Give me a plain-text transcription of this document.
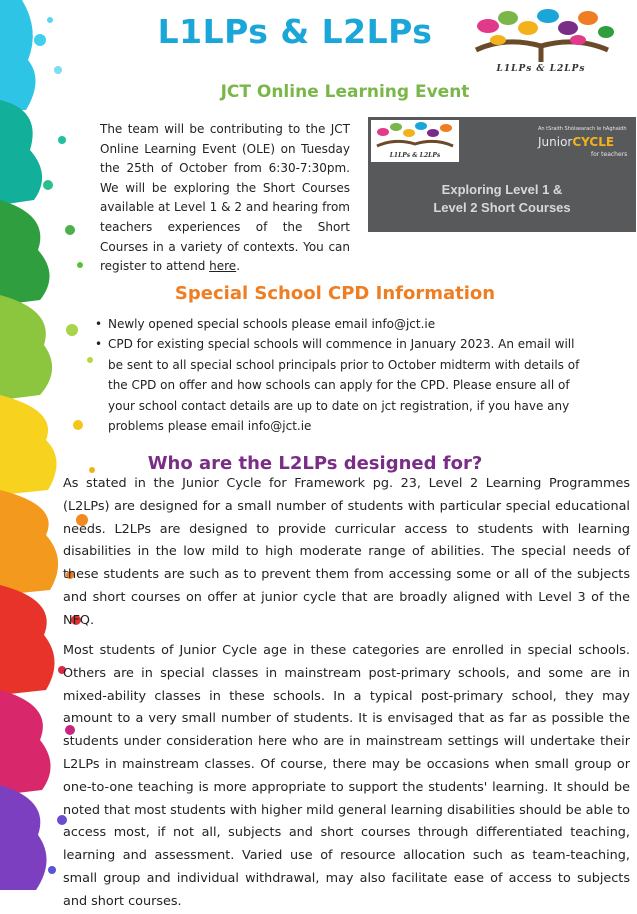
L1LPs & L2LPs
L1LPs & L2LPs
JCT Online Learning Event

The team will be contributing to the JCT Online Learning Event (OLE) on Tuesday the 25th of October from 6:30-7:30pm. We will be exploring the Short Courses available at Level 1 & 2 and hearing from teachers experiences of the Short Courses in a variety of contexts. You can register to attend here.

L1LPs & L2LPs
An tSraith Shóisearach le hAghaidh
JuniorCYCLE
for teachers
Exploring Level 1 &
Level 2 Short Courses
Special School CPD Information
• Newly opened special schools please email info@jct.ie
• CPD for existing special schools will commence in January 2023. An email will be sent to all special school principals prior to October midterm with details of the CPD on offer and how schools can apply for the CPD. Please ensure all of your school contact details are up to date on jct registration, if you have any problems please email info@jct.ie
Who are the L2LPs designed for?

As stated in the Junior Cycle for Framework pg. 23, Level 2 Learning Programmes (L2LPs) are designed for a small number of students with particular special educational needs. L2LPs are designed to provide curricular access to students with learning disabilities in the low mild to high moderate range of abilities. The special needs of these students are such as to prevent them from accessing some or all of the subjects and short courses on offer at junior cycle that are broadly aligned with Level 3 of the NFQ.

Most students of Junior Cycle age in these categories are enrolled in special schools. Others are in special classes in mainstream post-primary schools, and some are in mixed-ability classes in these schools. In a typical post-primary school, they may amount to a very small number of students. It is envisaged that as far as possible the students under consideration here who are in mainstream settings will undertake their L2LPs in mainstream classes. Of course, there may be occasions when small group or one-to-one teaching is more appropriate to support the students' learning. It should be noted that most students with higher mild general learning disabilities should be able to access most, if not all, subjects and short courses through differentiated teaching, learning and assessment. Varied use of resource allocation such as team-teaching, small group and individual withdrawal, may also facilitate ease of access to subjects and short courses.
